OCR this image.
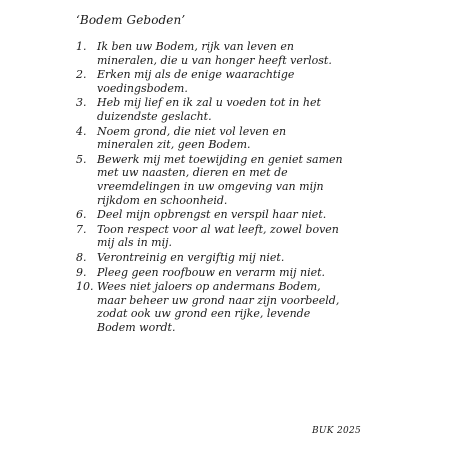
‘Bodem Geboden’
1. Ik ben uw Bodem, rijk van leven en
mineralen, die u van honger heeft verlost.
2. Erken mij als de enige waarachtige
voedingsbodem.
3. Heb mij lief en ik zal u voeden tot in het
duizendste geslacht.
4. Noem grond, die niet vol leven en
mineralen zit, geen Bodem.
5. Bewerk mij met toewijding en geniet samen
met uw naasten, dieren en met de
vreemdelingen in uw omgeving van mijn
rijkdom en schoonheid.
6. Deel mijn opbrengst en verspil haar niet.
7. Toon respect voor al wat leeft, zowel boven
mij als in mij.
8. Verontreinig en vergiftig mij niet.
9. Pleeg geen roofbouw en verarm mij niet.
10. Wees niet jaloers op andermans Bodem,
maar beheer uw grond naar zijn voorbeeld,
zodat ook uw grond een rijke, levende
Bodem wordt.
BUK 2025
